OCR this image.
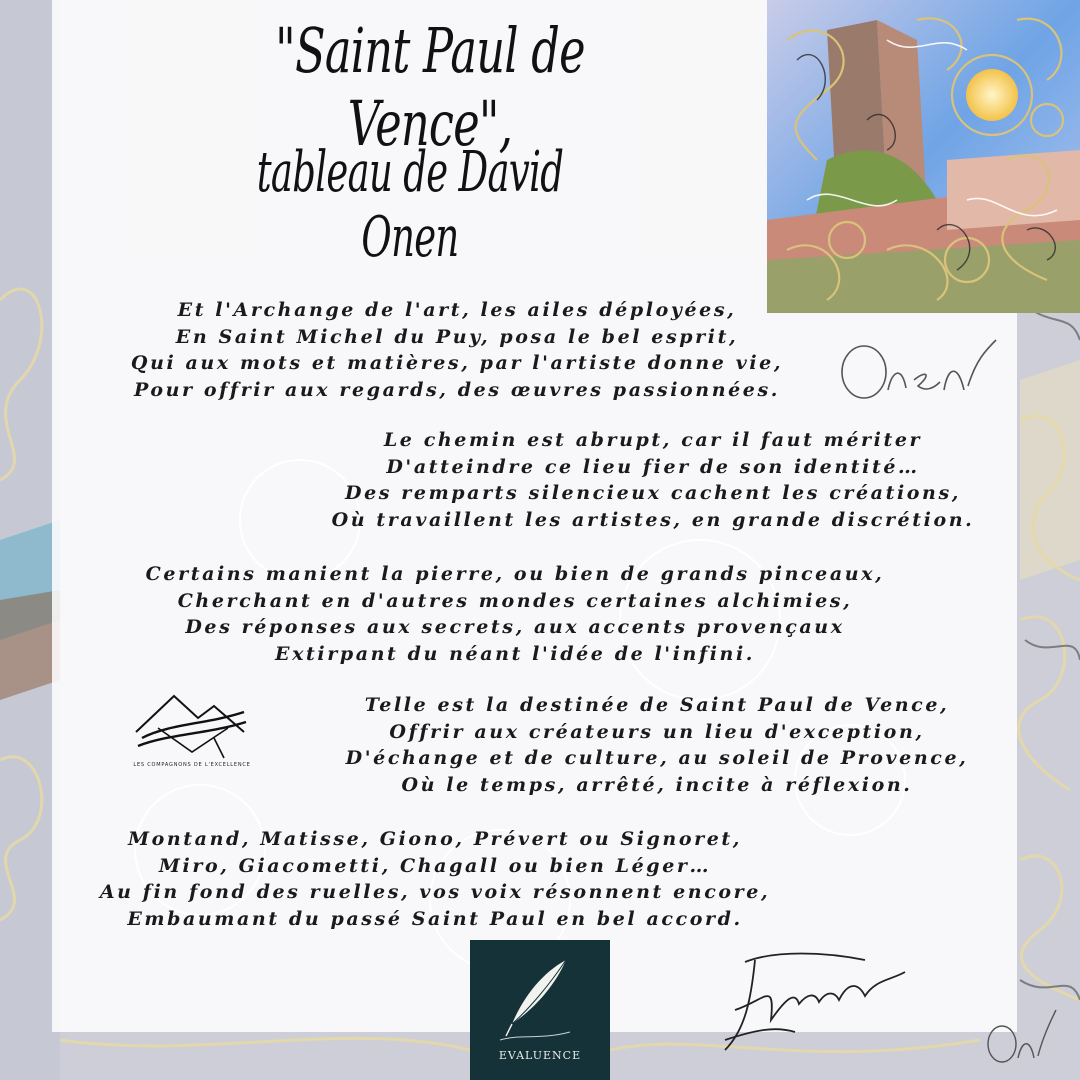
"Saint Paul de Vence",
tableau de David Onen
Et l'Archange de l'art, les ailes déployées,
En Saint Michel du Puy, posa le bel esprit,
Qui aux mots et matières, par l'artiste donne vie,
Pour offrir aux regards, des œuvres passionnées.
Le chemin est abrupt, car il faut mériter
D'atteindre ce lieu fier de son identité…
Des remparts silencieux cachent les créations,
Où travaillent les artistes, en grande discrétion.
Certains manient la pierre, ou bien de grands pinceaux,
Cherchant en d'autres mondes certaines alchimies,
Des réponses aux secrets, aux accents provençaux
Extirpant du néant l'idée de l'infini.
Telle est la destinée de Saint Paul de Vence,
Offrir aux créateurs un lieu d'exception,
D'échange et de culture, au soleil de Provence,
Où le temps, arrêté, incite à réflexion.
Montand, Matisse, Giono, Prévert ou Signoret,
Miro, Giacometti, Chagall ou bien Léger…
Au fin fond des ruelles, vos voix résonnent encore,
Embaumant du passé Saint Paul en bel accord.
LES COMPAGNONS DE L'EXCELLENCE
EVALUENCE
